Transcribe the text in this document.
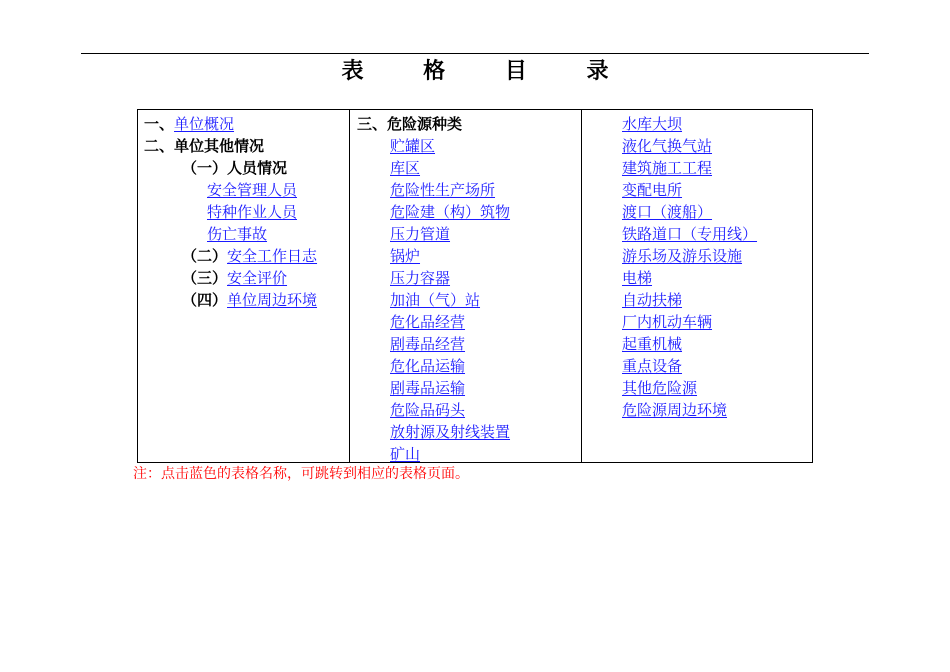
表 格 目 录
一、单位概况
二、单位其他情况
（一）人员情况
安全管理人员
特种作业人员
伤亡事故
（二）安全工作日志
（三）安全评价
（四）单位周边环境
三、危险源种类
贮罐区
库区
危险性生产场所
危险建（构）筑物
压力管道
锅炉
压力容器
加油（气）站
危化品经营
剧毒品经营
危化品运输
剧毒品运输
危险品码头
放射源及射线装置
矿山
水库大坝
液化气换气站
建筑施工工程
变配电所
渡口（渡船）
铁路道口（专用线）
游乐场及游乐设施
电梯
自动扶梯
厂内机动车辆
起重机械
重点设备
其他危险源
危险源周边环境
注：点击蓝色的表格名称，可跳转到相应的表格页面。
